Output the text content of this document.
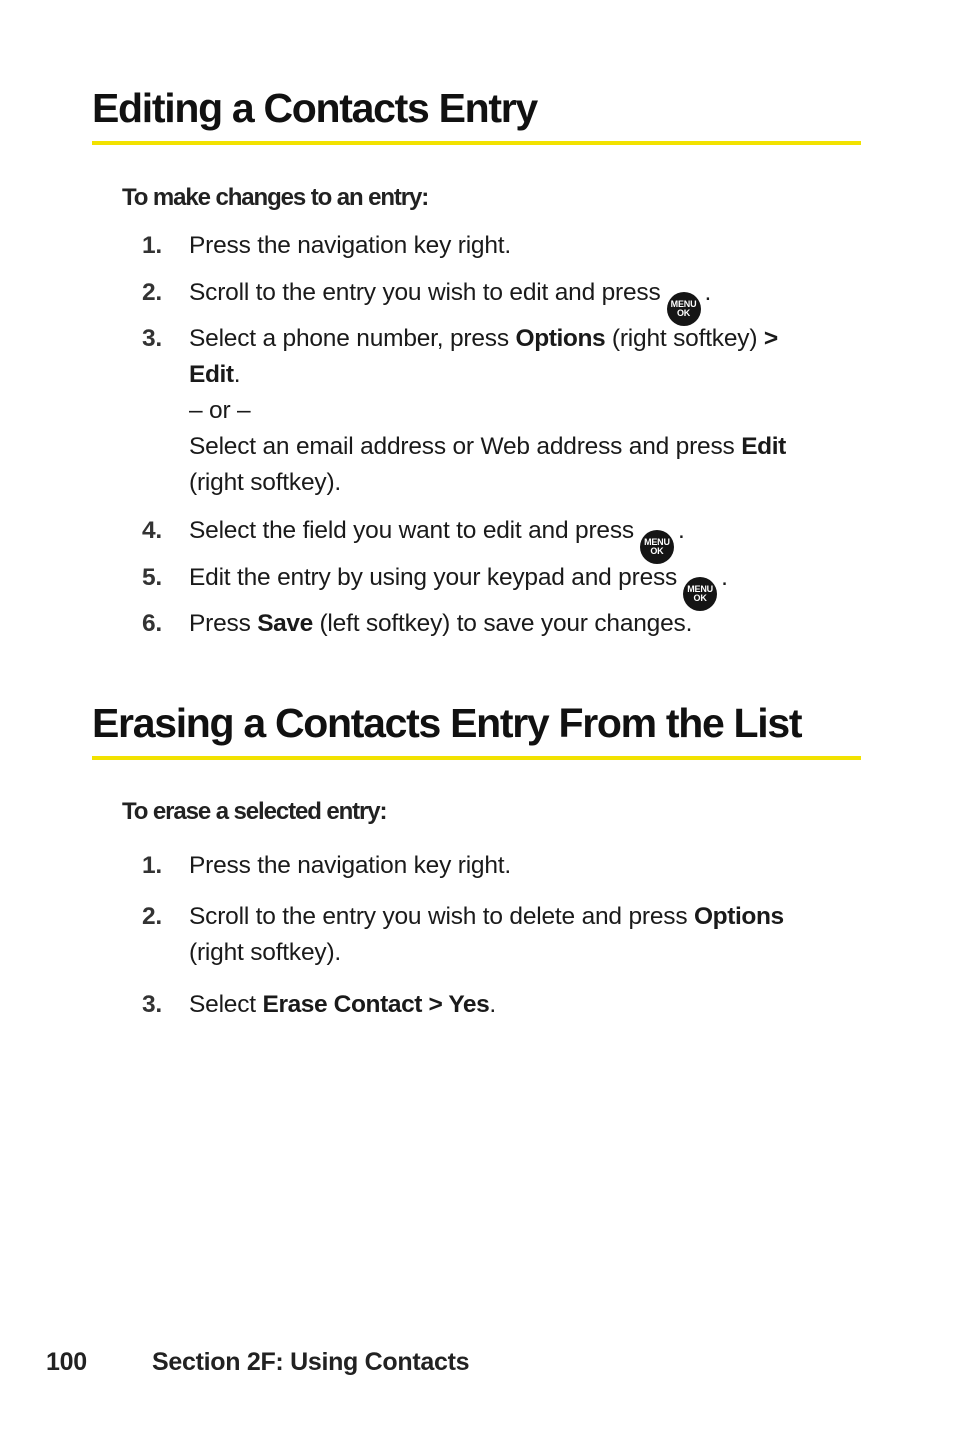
Editing a Contacts Entry
To make changes to an entry:
1.	Press the navigation key right.
2.	Scroll to the entry you wish to edit and press MENU
OK
.
3.	Select a phone number, press Options (right softkey) >
Edit.
– or –
Select an email address or Web address and press Edit
(right softkey).
4.	Select the field you want to edit and press MENU
OK
.
5.	Edit the entry by using your keypad and press MENU
OK
.
6.	Press Save (left softkey) to save your changes.
Erasing a Contacts Entry From the List
To erase a selected entry:
1.	Press the navigation key right.
2.	Scroll to the entry you wish to delete and press Options
(right softkey).
3.	Select Erase Contact > Yes.
100	Section 2F: Using Contacts
